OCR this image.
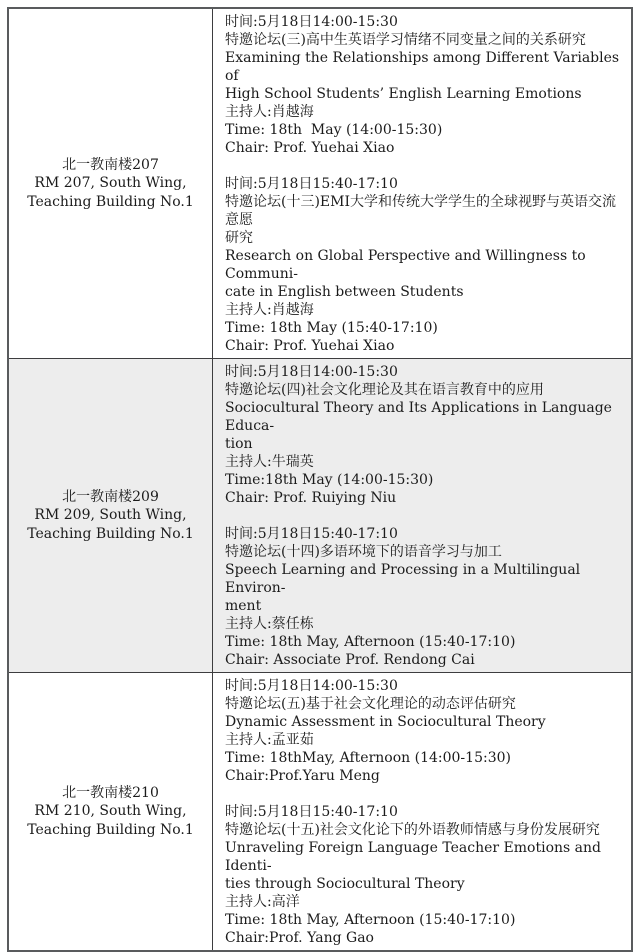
北一教南楼207
RM 207, South Wing,
Teaching Building No.1
时间:5月18日14:00-15:30
特邀论坛(三)高中生英语学习情绪不同变量之间的关系研究
Examining the Relationships among Different Variables of
High School Students’ English Learning Emotions
主持人:肖越海
Time: 18th  May (14:00-15:30)
Chair: Prof. Yuehai Xiao
时间:5月18日15:40-17:10
特邀论坛(十三)EMI大学和传统大学学生的全球视野与英语交流意愿
研究
Research on Global Perspective and Willingness to Communi-
cate in English between Students
主持人:肖越海
Time: 18th May (15:40-17:10)
Chair: Prof. Yuehai Xiao
北一教南楼209
RM 209, South Wing,
Teaching Building No.1
时间:5月18日14:00-15:30
特邀论坛(四)社会文化理论及其在语言教育中的应用
Sociocultural Theory and Its Applications in Language Educa-
tion
主持人:牛瑞英
Time:18th May (14:00-15:30)
Chair: Prof. Ruiying Niu
时间:5月18日15:40-17:10
特邀论坛(十四)多语环境下的语音学习与加工
Speech Learning and Processing in a Multilingual Environ-
ment
主持人:蔡任栋
Time: 18th May, Afternoon (15:40-17:10)
Chair: Associate Prof. Rendong Cai
北一教南楼210
RM 210, South Wing,
Teaching Building No.1
时间:5月18日14:00-15:30
特邀论坛(五)基于社会文化理论的动态评估研究
Dynamic Assessment in Sociocultural Theory
主持人:孟亚茹
Time: 18thMay, Afternoon (14:00-15:30)
Chair:Prof.Yaru Meng
时间:5月18日15:40-17:10
特邀论坛(十五)社会文化论下的外语教师情感与身份发展研究
Unraveling Foreign Language Teacher Emotions and Identi-
ties through Sociocultural Theory
主持人:高洋
Time: 18th May, Afternoon (15:40-17:10)
Chair:Prof. Yang Gao
